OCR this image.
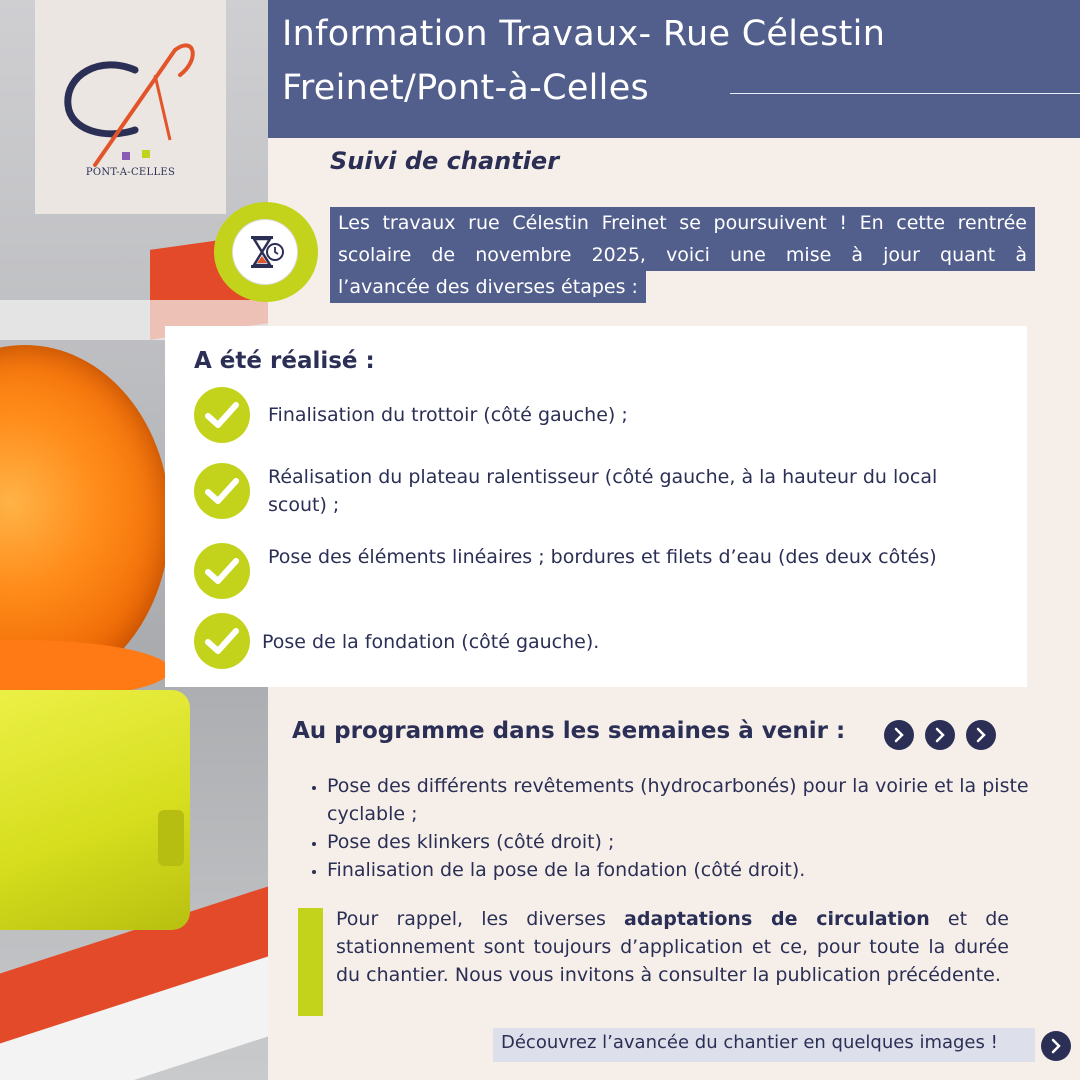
PONT-A-CELLES
Information Travaux- Rue Célestin
Freinet/Pont-à-Celles
Suivi de chantier
Les travaux rue Célestin Freinet se poursuivent ! En cette rentrée
scolaire de novembre 2025, voici une mise à jour quant à
l’avancée des diverses étapes :
A été réalisé :
Finalisation du trottoir (côté gauche) ;
Réalisation du plateau ralentisseur (côté gauche, à la hauteur du local scout) ;
Pose des éléments linéaires ; bordures et filets d’eau (des deux côtés)
Pose de la fondation (côté gauche).
Au programme dans les semaines à venir :
• Pose des différents revêtements (hydrocarbonés) pour la voirie et la piste cyclable ;
• Pose des klinkers (côté droit) ;
• Finalisation de la pose de la fondation (côté droit).
Pour rappel, les diverses adaptations de circulation et de stationnement sont toujours d’application et ce, pour toute la durée du chantier. Nous vous invitons à consulter la publication précédente.
Découvrez l’avancée du chantier en quelques images !
